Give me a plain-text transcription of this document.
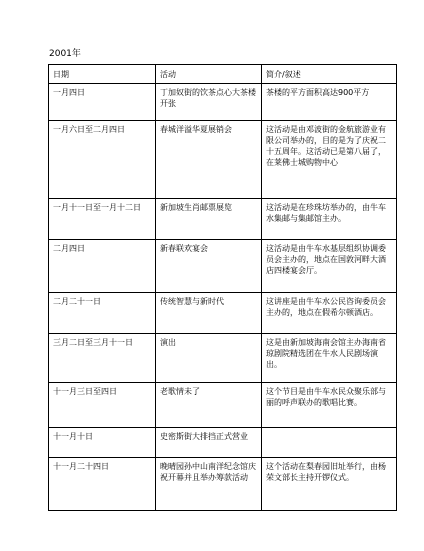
2001年
日期	活动	简介/叙述
一月四日	丁加奴街的饮茶点心大茶楼开张	茶楼的平方面积高达900平方
一月六日至二月四日	春城洋溢华夏展销会	这活动是由邓波街的金航旅游业有限公司举办的，目的是为了庆祝二十五周年。这活动已是第八届了，在莱佛士城购物中心
一月十一日至一月十二日	新加坡生肖邮票展览	这活动是在珍珠坊举办的，由牛车水集邮与集邮馆主办。
二月四日	新春联欢宴会	这活动是由牛车水基层组织协调委员会主办的，地点在国敦河畔大酒店四楼宴会厅。
二月二十一日	传统智慧与新时代	这讲座是由牛车水公民咨询委员会主办的，地点在假希尔顿酒店。
三月二日至三月十一日	演出	这是由新加坡海南会馆主办海南省琼剧院精选团在牛水人民剧场演出。
十一月三日至四日	老歌情未了	这个节目是由牛车水民众聚乐部与丽的呼声联办的歌唱比赛。
十一月十日	史密斯街大排挡正式营业	
十一月二十四日	晚晴园孙中山南洋纪念馆庆祝开幕并且举办筹款活动	这个活动在梨春园旧址举行，由杨荣文部长主持开锣仪式。
